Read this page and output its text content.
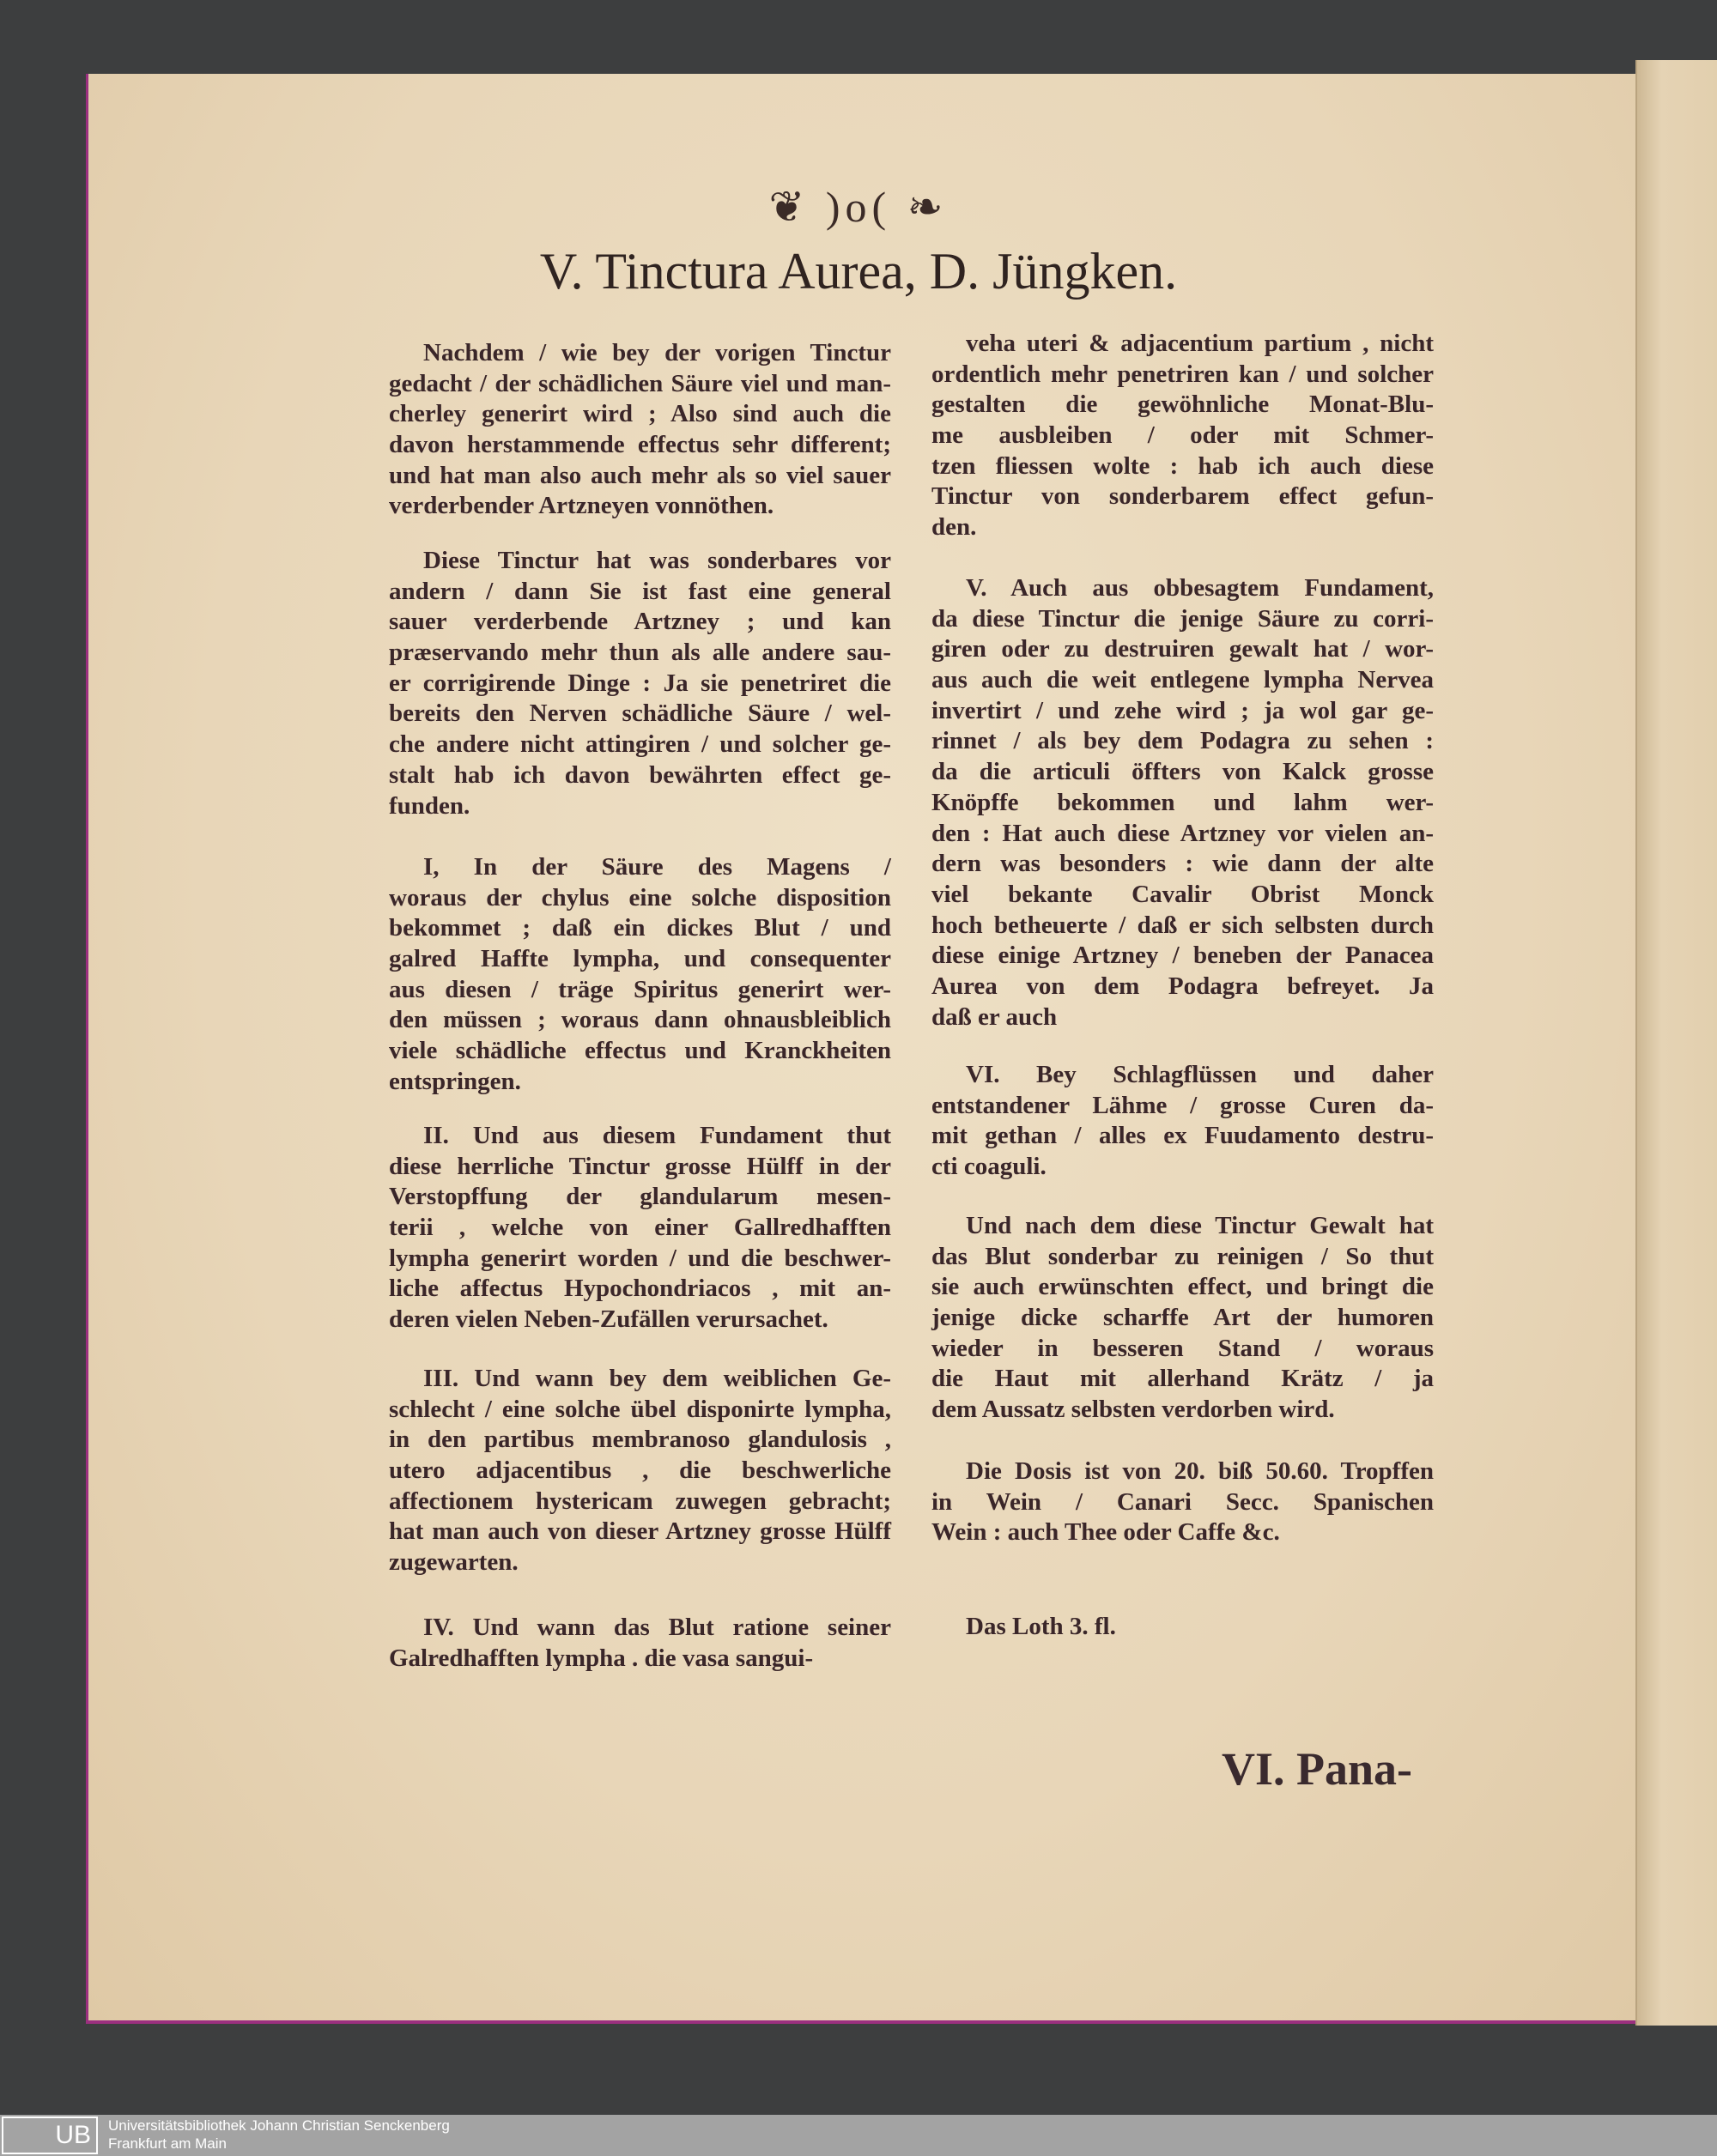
❦ )o( ❧
V. Tinctura Aurea, D. Jüngken.
Nachdem / wie bey der vorigen Tinctur
gedacht / der schädlichen Säure viel und man-
cherley generirt wird ; Also sind auch die
davon herstammende effectus sehr different;
und hat man also auch mehr als so viel sauer
verderbender Artzneyen vonnöthen.
Diese Tinctur hat was sonderbares vor
andern / dann Sie ist fast eine general
sauer verderbende Artzney ; und kan
præservando mehr thun als alle andere sau-
er corrigirende Dinge : Ja sie penetriret die
bereits den Nerven schädliche Säure / wel-
che andere nicht attingiren / und solcher ge-
stalt hab ich davon bewährten effect ge-
funden.
I, In der Säure des Magens /
woraus der chylus eine solche disposition
bekommet ; daß ein dickes Blut / und
galred Haffte lympha, und consequenter
aus diesen / träge Spiritus generirt wer-
den müssen ; woraus dann ohnausbleiblich
viele schädliche effectus und Kranckheiten
entspringen.
II. Und aus diesem Fundament thut
diese herrliche Tinctur grosse Hülff in der
Verstopffung der glandularum mesen-
terii , welche von einer Gallredhafften
lympha generirt worden / und die beschwer-
liche affectus Hypochondriacos , mit an-
deren vielen Neben-Zufällen verursachet.
III. Und wann bey dem weiblichen Ge-
schlecht / eine solche übel disponirte lympha,
in den partibus membranoso glandulosis ,
utero adjacentibus , die beschwerliche
affectionem hystericam zuwegen gebracht;
hat man auch von dieser Artzney grosse Hülff
zugewarten.
IV. Und wann das Blut ratione seiner
Galredhafften lympha . die vasa sangui-
veha uteri & adjacentium partium , nicht
ordentlich mehr penetriren kan / und solcher
gestalten die gewöhnliche Monat-Blu-
me ausbleiben / oder mit Schmer-
tzen fliessen wolte : hab ich auch diese
Tinctur von sonderbarem effect gefun-
den.
V. Auch aus obbesagtem Fundament,
da diese Tinctur die jenige Säure zu corri-
giren oder zu destruiren gewalt hat / wor-
aus auch die weit entlegene lympha Nervea
invertirt / und zehe wird ; ja wol gar ge-
rinnet / als bey dem Podagra zu sehen :
da die articuli öffters von Kalck grosse
Knöpffe bekommen und lahm wer-
den : Hat auch diese Artzney vor vielen an-
dern was besonders : wie dann der alte
viel bekante Cavalir Obrist Monck
hoch betheuerte / daß er sich selbsten durch
diese einige Artzney / beneben der Panacea
Aurea von dem Podagra befreyet. Ja
daß er auch
VI. Bey Schlagflüssen und daher
entstandener Lähme / grosse Curen da-
mit gethan / alles ex Fuudamento destru-
cti coaguli.
Und nach dem diese Tinctur Gewalt hat
das Blut sonderbar zu reinigen / So thut
sie auch erwünschten effect, und bringt die
jenige dicke scharffe Art der humoren
wieder in besseren Stand / woraus
die Haut mit allerhand Krätz / ja
dem Aussatz selbsten verdorben wird.
Die Dosis ist von 20. biß 50.60. Tropffen
in Wein / Canari Secc. Spanischen
Wein : auch Thee oder Caffe &c.
Das Loth 3. fl.
VI. Pana-
UB	Universitätsbibliothek Johann Christian Senckenberg
Frankfurt am Main
